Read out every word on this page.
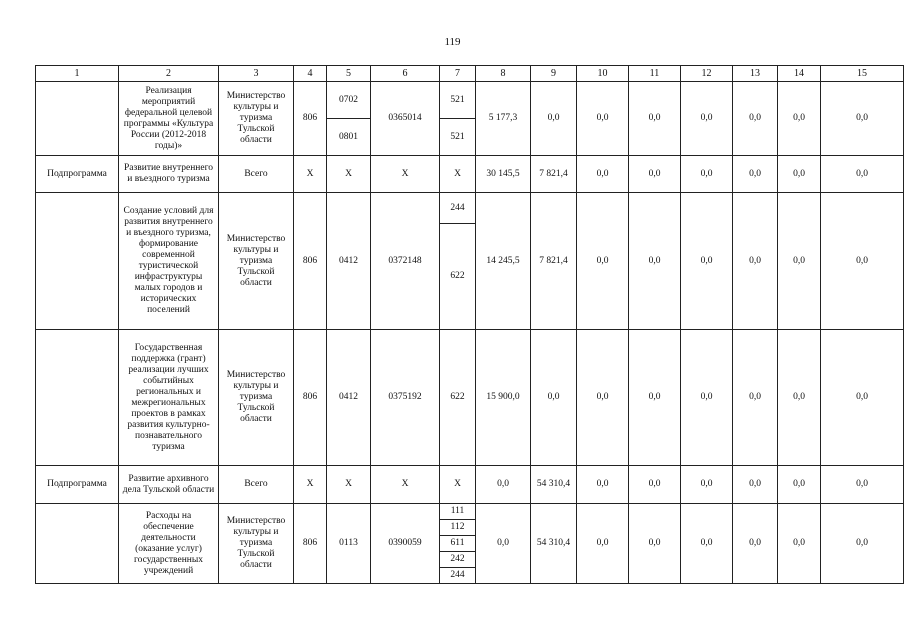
119
1	2	3	4	5	6	7	8	9	10	11	12	13	14	15
	Реализация мероприятий федеральной целевой программы «Культура России (2012-2018 годы)»	Министерство культуры и туризма Тульской области	806	0702	0365014	521	5 177,3	0,0	0,0	0,0	0,0	0,0	0,0	0,0
				0801		521								
Подпрограмма	Развитие внутреннего и въездного туризма	Всего	X	X	X	X	30 145,5	7 821,4	0,0	0,0	0,0	0,0	0,0	0,0
	Создание условий для развития внутреннего и въездного туризма, формирование современной туристической инфраструктуры малых городов и исторических поселений	Министерство культуры и туризма Тульской области	806	0412	0372148	244	14 245,5	7 821,4	0,0	0,0	0,0	0,0	0,0	0,0
						622								
	Государственная поддержка (грант) реализации лучших событийных региональных и межрегиональных проектов в рамках развития культурно-познавательного туризма	Министерство культуры и туризма Тульской области	806	0412	0375192	622	15 900,0	0,0	0,0	0,0	0,0	0,0	0,0	0,0
Подпрограмма	Развитие архивного дела Тульской области	Всего	X	X	X	X	0,0	54 310,4	0,0	0,0	0,0	0,0	0,0	0,0
	Расходы на обеспечение деятельности (оказание услуг) государственных учреждений	Министерство культуры и туризма Тульской области	806	0113	0390059	111	0,0	54 310,4	0,0	0,0	0,0	0,0	0,0	0,0
						112								
						611								
						242								
						244								
